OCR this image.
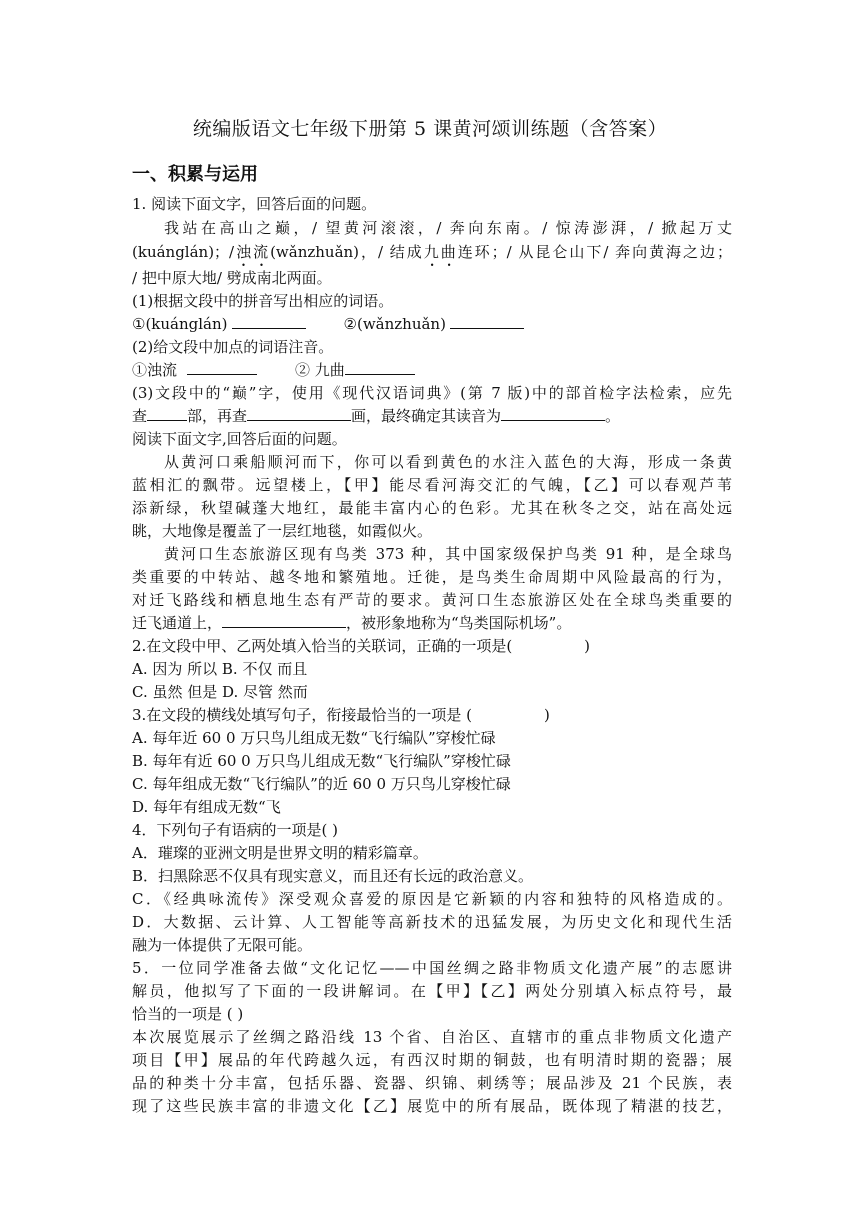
统编版语文七年级下册第 5 课黄河颂训练题（含答案）
一、积累与运用
1. 阅读下面文字，回答后面的问题。
我站在高山之巅，/ 望黄河滚滚，/ 奔向东南。/ 惊涛澎湃，/ 掀起万丈
(kuánglán)；/浊流(wǎnzhuǎn)，/ 结成九曲连环；/ 从昆仑山下/ 奔向黄海之边；
/ 把中原大地/ 劈成南北两面。
(1)根据文段中的拼音写出相应的词语。
①(kuánglán)	②(wǎnzhuǎn)
(2)给文段中加点的词语注音。
①浊流	② 九曲
(3)文段中的“巅”字，使用《现代汉语词典》(第 7 版)中的部首检字法检索，应先
查	部，再查	画，最终确定其读音为	。
阅读下面文字,回答后面的问题。
从黄河口乘船顺河而下，你可以看到黄色的水注入蓝色的大海，形成一条黄
蓝相汇的飘带。远望楼上，【甲】能尽看河海交汇的气魄，【乙】可以春观芦苇
添新绿，秋望碱蓬大地红，最能丰富内心的色彩。尤其在秋冬之交，站在高处远
眺，大地像是覆盖了一层红地毯，如霞似火。
黄河口生态旅游区现有鸟类 373 种，其中国家级保护鸟类 91 种，是全球鸟
类重要的中转站、越冬地和繁殖地。迁徙，是鸟类生命周期中风险最高的行为，
对迁飞路线和栖息地生态有严苛的要求。黄河口生态旅游区处在全球鸟类重要的
迁飞通道上，	，被形象地称为“鸟类国际机场”。
2.在文段中甲、乙两处填入恰当的关联词，正确的一项是(	)
A. 因为 所以 B. 不仅 而且
C. 虽然 但是 D. 尽管 然而
3.在文段的横线处填写句子，衔接最恰当的一项是 (	)
A. 每年近 60 0 万只鸟儿组成无数“飞行编队”穿梭忙碌
B. 每年有近 60 0 万只鸟儿组成无数“飞行编队”穿梭忙碌
C. 每年组成无数“飞行编队”的近 60 0 万只鸟儿穿梭忙碌
D. 每年有组成无数“飞
4．下列句子有语病的一项是( )
A．璀璨的亚洲文明是世界文明的精彩篇章。
B．扫黑除恶不仅具有现实意义，而且还有长远的政治意义。
C．《经典咏流传》深受观众喜爱的原因是它新颖的内容和独特的风格造成的。
D．大数据、云计算、人工智能等高新技术的迅猛发展，为历史文化和现代生活
融为一体提供了无限可能。
5．一位同学准备去做“文化记忆——中国丝绸之路非物质文化遗产展”的志愿讲
解员，他拟写了下面的一段讲解词。在【甲】【乙】两处分别填入标点符号，最
恰当的一项是 ( )
本次展览展示了丝绸之路沿线 13 个省、自治区、直辖市的重点非物质文化遗产
项目【甲】展品的年代跨越久远，有西汉时期的铜鼓，也有明清时期的瓷器；展
品的种类十分丰富，包括乐器、瓷器、织锦、刺绣等；展品涉及 21 个民族，表
现了这些民族丰富的非遗文化【乙】展览中的所有展品，既体现了精湛的技艺，
